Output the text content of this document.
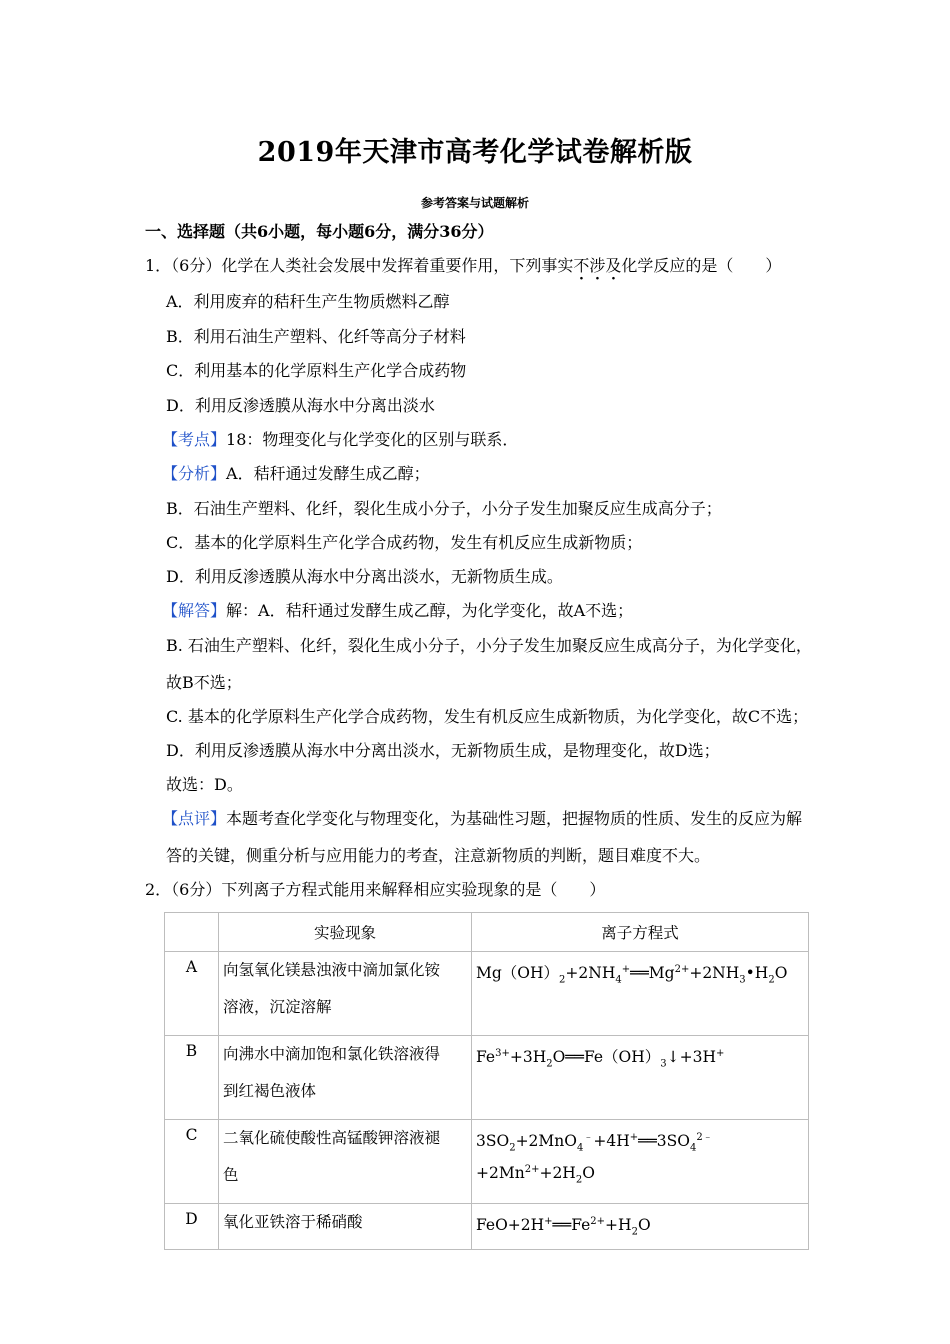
2019年天津市高考化学试卷解析版
参考答案与试题解析
一、选择题（共6小题，每小题6分，满分36分）
1．（6分）化学在人类社会发展中发挥着重要作用，下列事实不涉及化学反应的是（　　）
A．利用废弃的秸秆生产生物质燃料乙醇
B．利用石油生产塑料、化纤等高分子材料
C．利用基本的化学原料生产化学合成药物
D．利用反渗透膜从海水中分离出淡水
【考点】18：物理变化与化学变化的区别与联系．
【分析】A．秸秆通过发酵生成乙醇；
B．石油生产塑料、化纤，裂化生成小分子，小分子发生加聚反应生成高分子；
C．基本的化学原料生产化学合成药物，发生有机反应生成新物质；
D．利用反渗透膜从海水中分离出淡水，无新物质生成。
【解答】解：A．秸秆通过发酵生成乙醇，为化学变化，故A不选；
B. 石油生产塑料、化纤，裂化生成小分子，小分子发生加聚反应生成高分子，为化学变化，
故B不选；
C. 基本的化学原料生产化学合成药物，发生有机反应生成新物质，为化学变化，故C不选；
D．利用反渗透膜从海水中分离出淡水，无新物质生成，是物理变化，故D选；
故选：D。
【点评】本题考查化学变化与物理变化，为基础性习题，把握物质的性质、发生的反应为解
答的关键，侧重分析与应用能力的考查，注意新物质的判断，题目难度不大。
2．（6分）下列离子方程式能用来解释相应实验现象的是（　　）
	实验现象	离子方程式
A	向氢氧化镁悬浊液中滴加氯化铵
溶液，沉淀溶解	$Mg(OH)_2+2NH_4^+══Mg^{2+}+2NH_3•H_2O$
B	向沸水中滴加饱和氯化铁溶液得
到红褐色液体	$Fe^{3+}+3H_2O══Fe(OH)_3↓+3H^+$
C	二氧化硫使酸性高锰酸钾溶液褪
色	$3SO_2+2MnO_4^﹣+4H^+══3SO_4^{2﹣}+2Mn^{2+}+2H_2O$
D	氧化亚铁溶于稀硝酸	$FeO+2H^+══Fe^{2+}+H_2O$
